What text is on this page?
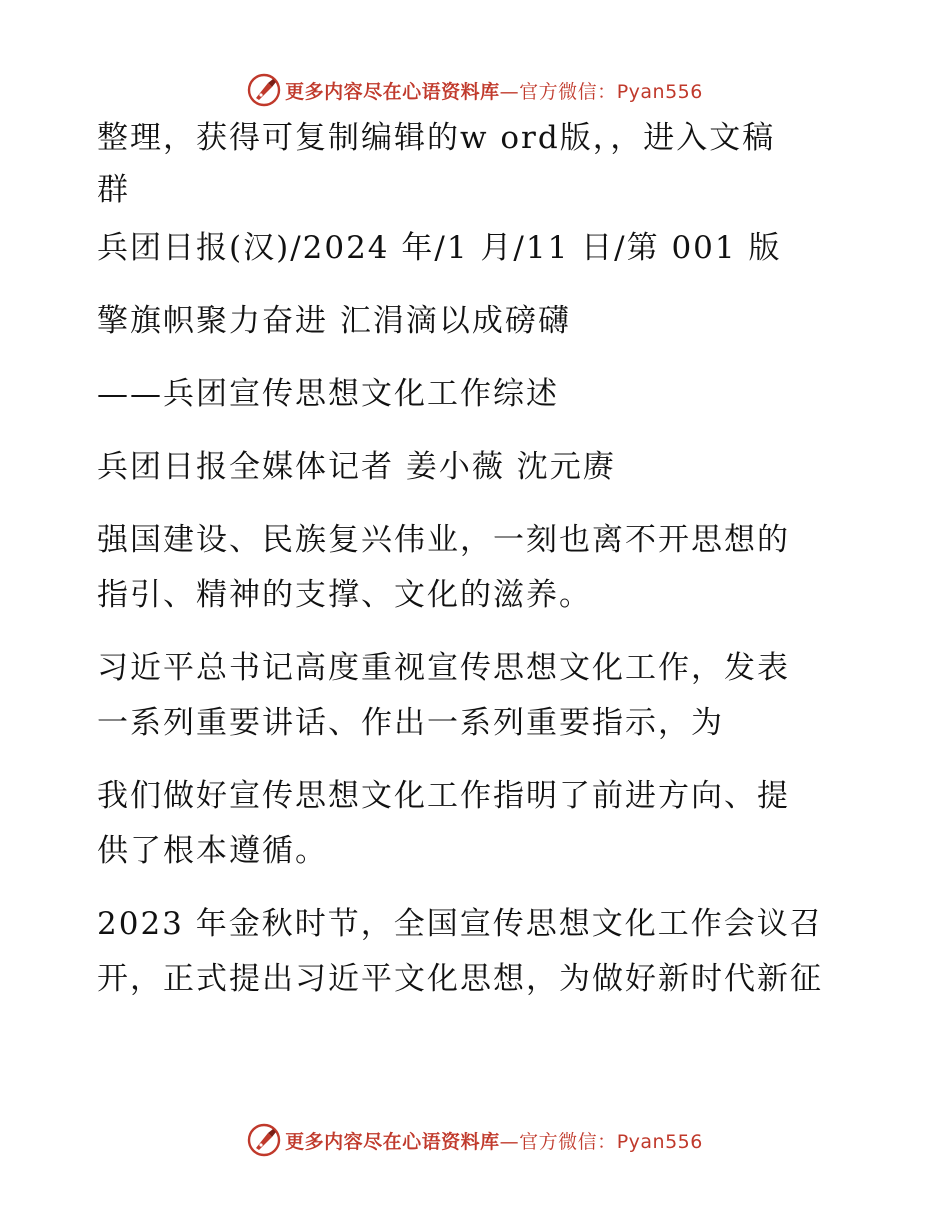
更多内容尽在心语资料库—官方微信：Pyan556
整理，获得可复制编辑的w ord版，，进入文稿
群
兵团日报(汉)/2024 年/1 月/11 日/第 001 版
擎旗帜聚力奋进 汇涓滴以成磅礴
——兵团宣传思想文化工作综述
兵团日报全媒体记者 姜小薇 沈元赓
强国建设、民族复兴伟业，一刻也离不开思想的
指引、精神的支撑、文化的滋养。
习近平总书记高度重视宣传思想文化工作，发表
一系列重要讲话、作出一系列重要指示，为
我们做好宣传思想文化工作指明了前进方向、提
供了根本遵循。
2023 年金秋时节，全国宣传思想文化工作会议召
开，正式提出习近平文化思想，为做好新时代新征
更多内容尽在心语资料库—官方微信：Pyan556
